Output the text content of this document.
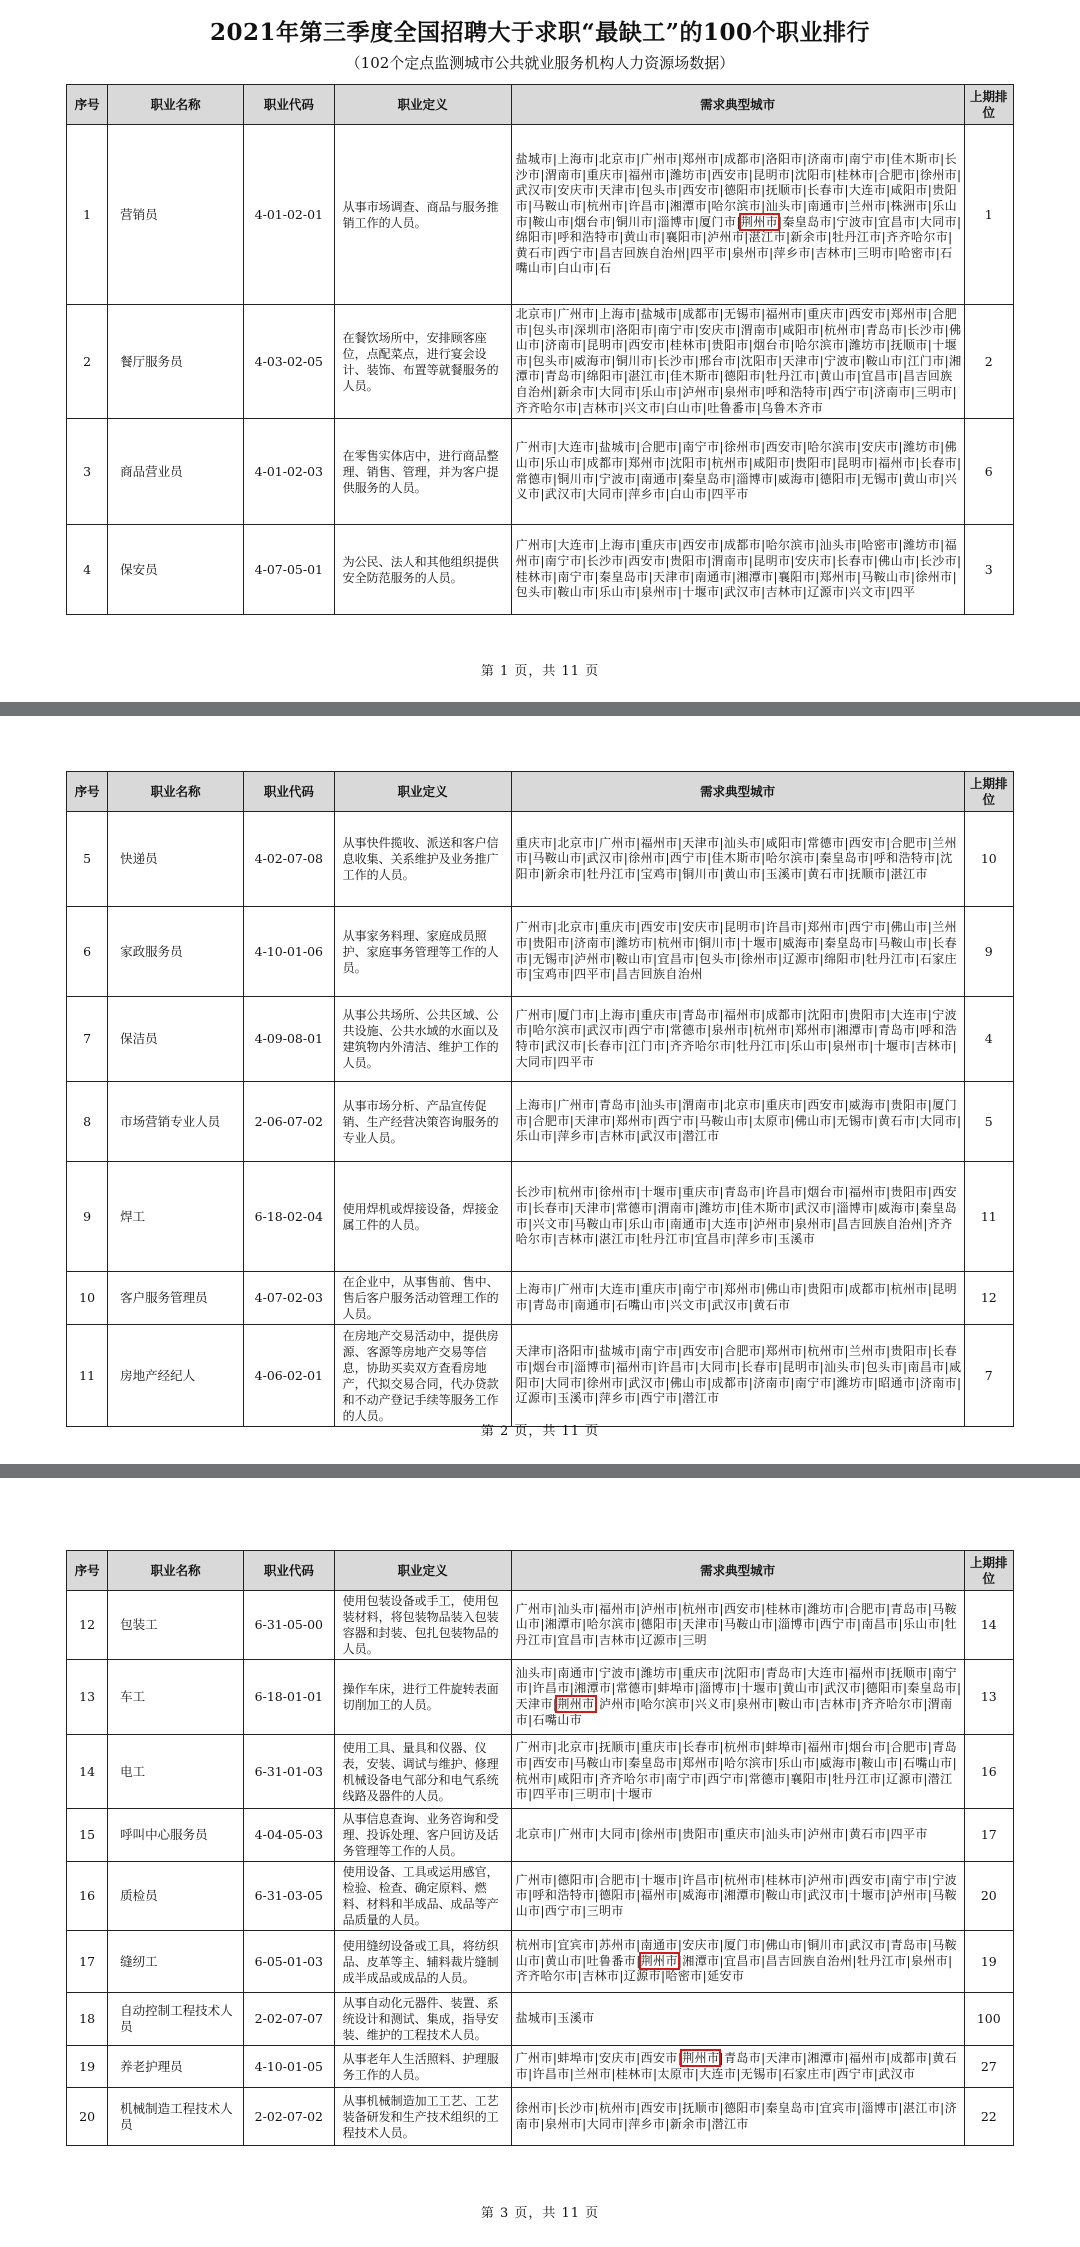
2021年第三季度全国招聘大于求职“最缺工”的100个职业排行
（102个定点监测城市公共就业服务机构人力资源场数据）
序号	职业名称	职业代码	职业定义	需求典型城市	上期排位
1	营销员	4-01-02-01	从事市场调查、商品与服务推销工作的人员。	盐城市|上海市|北京市|广州市|郑州市|成都市|洛阳市|济南市|南宁市|佳木斯市|长沙市|渭南市|重庆市|福州市|潍坊市|西安市|昆明市|沈阳市|桂林市|合肥市|徐州市|武汉市|安庆市|天津市|包头市|西安市|德阳市|抚顺市|长春市|大连市|咸阳市|贵阳市|马鞍山市|杭州市|许昌市|湘潭市|哈尔滨市|汕头市|南通市|兰州市|株洲市|乐山市|鞍山市|烟台市|铜川市|淄博市|厦门市|荆州市|秦皇岛市|宁波市|宜昌市|大同市|绵阳市|呼和浩特市|黄山市|襄阳市|泸州市|湛江市|新余市|牡丹江市|齐齐哈尔市|黄石市|西宁市|昌吉回族自治州|四平市|泉州市|萍乡市|吉林市|三明市|哈密市|石嘴山市|白山市|石	1
2	餐厅服务员	4-03-02-05	在餐饮场所中，安排顾客座位，点配菜点，进行宴会设计、装饰、布置等就餐服务的人员。	北京市|广州市|上海市|盐城市|成都市|无锡市|福州市|重庆市|西安市|郑州市|合肥市|包头市|深圳市|洛阳市|南宁市|安庆市|渭南市|咸阳市|杭州市|青岛市|长沙市|佛山市|济南市|昆明市|西安市|桂林市|贵阳市|烟台市|哈尔滨市|潍坊市|抚顺市|十堰市|包头市|威海市|铜川市|长沙市|邢台市|沈阳市|天津市|宁波市|鞍山市|江门市|湘潭市|青岛市|绵阳市|湛江市|佳木斯市|德阳市|牡丹江市|黄山市|宜昌市|昌吉回族自治州|新余市|大同市|乐山市|泸州市|泉州市|呼和浩特市|西宁市|济南市|三明市|齐齐哈尔市|吉林市|兴文市|白山市|吐鲁番市|乌鲁木齐市	2
3	商品营业员	4-01-02-03	在零售实体店中，进行商品整理、销售、管理，并为客户提供服务的人员。	广州市|大连市|盐城市|合肥市|南宁市|徐州市|西安市|哈尔滨市|安庆市|潍坊市|佛山市|乐山市|成都市|郑州市|沈阳市|杭州市|咸阳市|贵阳市|昆明市|福州市|长春市|常德市|铜川市|宁波市|南通市|秦皇岛市|淄博市|威海市|德阳市|无锡市|黄山市|兴义市|武汉市|大同市|萍乡市|白山市|四平市	6
4	保安员	4-07-05-01	为公民、法人和其他组织提供安全防范服务的人员。	广州市|大连市|上海市|重庆市|西安市|成都市|哈尔滨市|汕头市|哈密市|潍坊市|福州市|南宁市|长沙市|西安市|贵阳市|渭南市|昆明市|安庆市|长春市|佛山市|长沙市|桂林市|南宁市|秦皇岛市|天津市|南通市|湘潭市|襄阳市|郑州市|马鞍山市|徐州市|包头市|鞍山市|乐山市|泉州市|十堰市|武汉市|吉林市|辽源市|兴文市|四平	3
第 1 页，共 11 页
序号	职业名称	职业代码	职业定义	需求典型城市	上期排位
5	快递员	4-02-07-08	从事快件揽收、派送和客户信息收集、关系维护及业务推广工作的人员。	重庆市|北京市|广州市|福州市|天津市|汕头市|咸阳市|常德市|西安市|合肥市|兰州市|马鞍山市|武汉市|徐州市|西宁市|佳木斯市|哈尔滨市|秦皇岛市|呼和浩特市|沈阳市|新余市|牡丹江市|宝鸡市|铜川市|黄山市|玉溪市|黄石市|抚顺市|湛江市	10
6	家政服务员	4-10-01-06	从事家务料理、家庭成员照护、家庭事务管理等工作的人员。	广州市|北京市|重庆市|西安市|安庆市|昆明市|许昌市|郑州市|西宁市|佛山市|兰州市|贵阳市|济南市|潍坊市|杭州市|铜川市|十堰市|威海市|秦皇岛市|马鞍山市|长春市|无锡市|泸州市|鞍山市|宜昌市|包头市|徐州市|辽源市|绵阳市|牡丹江市|石家庄市|宝鸡市|四平市|昌吉回族自治州	9
7	保洁员	4-09-08-01	从事公共场所、公共区域、公共设施、公共水域的水面以及建筑物内外清洁、维护工作的人员。	广州市|厦门市|上海市|重庆市|青岛市|福州市|成都市|沈阳市|贵阳市|大连市|宁波市|哈尔滨市|武汉市|西宁市|常德市|泉州市|杭州市|郑州市|湘潭市|青岛市|呼和浩特市|武汉市|长春市|江门市|齐齐哈尔市|牡丹江市|乐山市|泉州市|十堰市|吉林市|大同市|四平市	4
8	市场营销专业人员	2-06-07-02	从事市场分析、产品宣传促销、生产经营决策咨询服务的专业人员。	上海市|广州市|青岛市|汕头市|渭南市|北京市|重庆市|西安市|威海市|贵阳市|厦门市|合肥市|天津市|郑州市|西宁市|马鞍山市|太原市|佛山市|无锡市|黄石市|大同市|乐山市|萍乡市|吉林市|武汉市|潜江市	5
9	焊工	6-18-02-04	使用焊机或焊接设备，焊接金属工件的人员。	长沙市|杭州市|徐州市|十堰市|重庆市|青岛市|许昌市|烟台市|福州市|贵阳市|西安市|长春市|天津市|常德市|渭南市|潍坊市|佳木斯市|武汉市|淄博市|威海市|秦皇岛市|兴文市|马鞍山市|乐山市|南通市|大连市|泸州市|泉州市|昌吉回族自治州|齐齐哈尔市|吉林市|湛江市|牡丹江市|宜昌市|萍乡市|玉溪市	11
10	客户服务管理员	4-07-02-03	在企业中，从事售前、售中、售后客户服务活动管理工作的人员。	上海市|广州市|大连市|重庆市|南宁市|郑州市|佛山市|贵阳市|成都市|杭州市|昆明市|青岛市|南通市|石嘴山市|兴文市|武汉市|黄石市	12
11	房地产经纪人	4-06-02-01	在房地产交易活动中，提供房源、客源等房地产交易等信息，协助买卖双方查看房地产，代拟交易合同，代办贷款和不动产登记手续等服务工作的人员。	天津市|洛阳市|盐城市|南宁市|西安市|合肥市|郑州市|杭州市|兰州市|贵阳市|长春市|烟台市|淄博市|福州市|许昌市|大同市|长春市|昆明市|汕头市|包头市|南昌市|咸阳市|大同市|徐州市|武汉市|佛山市|成都市|济南市|南宁市|潍坊市|昭通市|济南市|辽源市|玉溪市|萍乡市|西宁市|潜江市	7
第 2 页，共 11 页
序号	职业名称	职业代码	职业定义	需求典型城市	上期排位
12	包装工	6-31-05-00	使用包装设备或手工，使用包装材料，将包装物品装入包装容器和封装、包扎包装物品的人员。	广州市|汕头市|福州市|泸州市|杭州市|西安市|桂林市|潍坊市|合肥市|青岛市|马鞍山市|湘潭市|哈尔滨市|德阳市|天津市|马鞍山市|淄博市|西宁市|南昌市|乐山市|牡丹江市|宜昌市|吉林市|辽源市|三明	14
13	车工	6-18-01-01	操作车床，进行工件旋转表面切削加工的人员。	汕头市|南通市|宁波市|潍坊市|重庆市|沈阳市|青岛市|大连市|福州市|抚顺市|南宁市|许昌市|湘潭市|常德市|蚌埠市|淄博市|十堰市|黄山市|武汉市|德阳市|秦皇岛市|天津市|荆州市|泸州市|哈尔滨市|兴义市|泉州市|鞍山市|吉林市|齐齐哈尔市|渭南市|石嘴山市	13
14	电工	6-31-01-03	使用工具、量具和仪器、仪表，安装、调试与维护、修理机械设备电气部分和电气系统线路及器件的人员。	广州市|北京市|抚顺市|重庆市|长春市|杭州市|蚌埠市|福州市|烟台市|合肥市|青岛市|西安市|马鞍山市|秦皇岛市|郑州市|哈尔滨市|乐山市|威海市|鞍山市|石嘴山市|杭州市|咸阳市|齐齐哈尔市|南宁市|西宁市|常德市|襄阳市|牡丹江市|辽源市|潜江市|四平市|三明市|十堰市	16
15	呼叫中心服务员	4-04-05-03	从事信息查询、业务咨询和受理、投诉处理、客户回访及话务管理等工作的人员。	北京市|广州市|大同市|徐州市|贵阳市|重庆市|汕头市|泸州市|黄石市|四平市	17
16	质检员	6-31-03-05	使用设备、工具或运用感官，检验、检查、确定原料、燃料、材料和半成品、成品等产品质量的人员。	广州市|德阳市|合肥市|十堰市|许昌市|杭州市|桂林市|泸州市|西安市|南宁市|宁波市|呼和浩特市|德阳市|福州市|威海市|湘潭市|鞍山市|武汉市|十堰市|泸州市|马鞍山市|西宁市|三明市	20
17	缝纫工	6-05-01-03	使用缝纫设备或工具，将纺织品、皮革等主、辅料裁片缝制成半成品或成品的人员。	杭州市|宜宾市|苏州市|南通市|安庆市|厦门市|佛山市|铜川市|武汉市|青岛市|马鞍山市|黄山市|吐鲁番市|荆州市|湘潭市|宜昌市|昌吉回族自治州|牡丹江市|泉州市|齐齐哈尔市|吉林市|辽源市|哈密市|延安市	19
18	自动控制工程技术人员	2-02-07-07	从事自动化元器件、装置、系统设计和测试、集成，指导安装、维护的工程技术人员。	盐城市|玉溪市	100
19	养老护理员	4-10-01-05	从事老年人生活照料、护理服务工作的人员。	广州市|蚌埠市|安庆市|西安市|荆州市|青岛市|天津市|湘潭市|福州市|成都市|黄石市|许昌市|兰州市|桂林市|太原市|大连市|无锡市|石家庄市|西宁市|武汉市	27
20	机械制造工程技术人员	2-02-07-02	从事机械制造加工工艺、工艺装备研发和生产技术组织的工程技术人员。	徐州市|长沙市|杭州市|西安市|抚顺市|德阳市|秦皇岛市|宜宾市|淄博市|湛江市|济南市|泉州市|大同市|萍乡市|新余市|潜江市	22
第 3 页，共 11 页
